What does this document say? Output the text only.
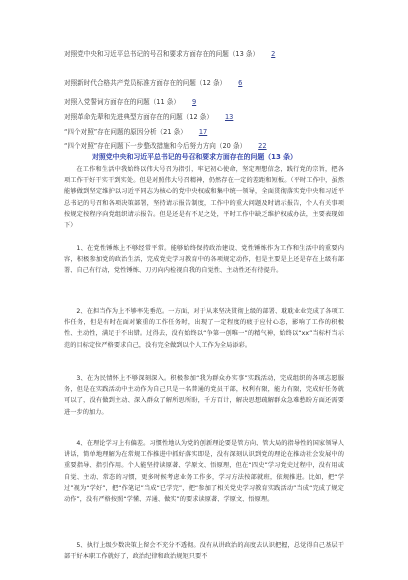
对照党中央和习近平总书记的号召和要求方面存在的问题（13 条） 2
对照新时代合格共产党员标准方面存在的问题（12 条） 6
对照入党誓词方面存在的问题（11 条） 9
对照革命先辈和先进典型方面存在的问题（12 条） 13
“四个对照”存在问题的原因分析（21 条） 17
“四个对照”存在问题下一步整改措施和今后努力方向（20 条） 22
对照党中央和习近平总书记的号召和要求方面存在的问题（13 条）

在工作和生活中我始终以伟大号召为指引，牢记初心使命，坚定理想信念，践行党的宗旨，把各项工作干好干实干到实处。但是对照伟大号召精神，仍然存在一定的差距和短板。（平时工作中，虽然能够做到坚定维护以习近平同志为核心的党中央权威和集中统一领导，全面贯彻落实党中央和习近平总书记的号召和各项决策部署，坚持请示报告制度，工作中的重大问题及时请示报告，个人有关事项按规定按程序向党组织请示报告。但是还是有不足之处，平时工作中缺乏维护权威办法，主要表现如下）

1、在党性锤炼上不够经常平常。能够始终保持政治建设、党性锤炼作为工作和生活中的重要内容，积极参加党的政治生活，完成党史学习教育中的各项规定动作，但是主要是上还是存在上级有部署、自己有行动，党性锤炼、刀刃向内检视自我的自觉性、主动性还有待提升。

2、在担当作为上不够率先垂范。一方面，对于从来坚决贯彻上级的部署、耽耽业业完成了各项工作任务，但是有时在面对繁重的工作任务时，出现了一定程度的疲于应付心态，影响了工作的积极性、主动性，满足于不出错。过得去，没有始终以“争第一创唯一”的精气神，始终以“xx”当标杆当示范的目标定位严格要求自己，没有完全做到以个人工作为全局添彩。

3、在为民情怀上不够深刻深入。积极参加“我为群众办实事”实践活动，完成组织的各项志愿服务，但是在实践活动中主动作为自己只是一名普通的党员干部，权利有限，能力有限，完成好任务就可以了，没有做到主动、深入群众了解所思所盼，千方百计，解决思想疏解群众急难愁盼方面还需要进一步的加力。

4、在理论学习上有偏差。习惯性地认为党的创新理论要是管方向、管大局的指导性的国家领导人讲话，简单地理解为在常规工作推进中抓好落实即是，没有深刻认识到党的理论在推动社会发展中的重要指导、指引作用。个人能坚持读原著、学原文、悟原理，但在“四史”学习党史过程中，没有用或自觉、主动、常态的习惯，更多时候考虑业务工作多，学习方法按部就班，依规推进。比如，把“学过”视为“学好”，把“作笔记”当成“已学完”，把“参加了相关党史学习教育实践活动”当成“完成了规定动作”，没有严格按照“学懂、弄通、做实”的要求读原著、学原文、悟原理。

5、执行上级少数决策上留会不充分不透彻。没有从讲政治的高度去认识把握，总觉得自己基层干部干好本职工作就好了，政治纪律和政治规矩只要不
